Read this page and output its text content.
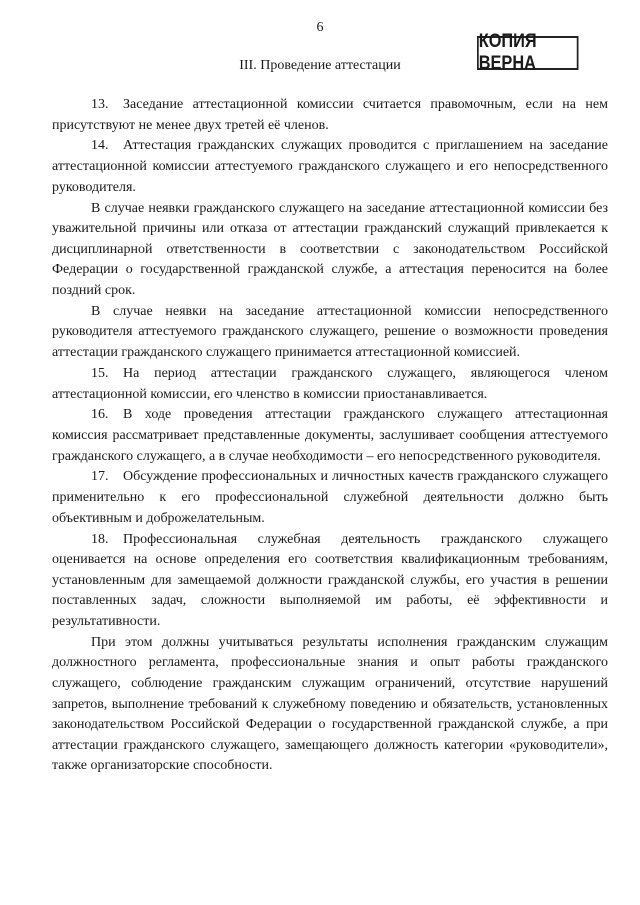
6
КОПИЯ ВЕРНА
III. Проведение аттестации

13. Заседание аттестационной комиссии считается правомочным, если на нем присутствуют не менее двух третей её членов.

14. Аттестация гражданских служащих проводится с приглашением на заседание аттестационной комиссии аттестуемого гражданского служащего и его непосредственного руководителя.

В случае неявки гражданского служащего на заседание аттестационной комиссии без уважительной причины или отказа от аттестации гражданский служащий привлекается к дисциплинарной ответственности в соответствии с законодательством Российской Федерации о государственной гражданской службе, а аттестация переносится на более поздний срок.

В случае неявки на заседание аттестационной комиссии непосредственного руководителя аттестуемого гражданского служащего, решение о возможности проведения аттестации гражданского служащего принимается аттестационной комиссией.

15. На период аттестации гражданского служащего, являющегося членом аттестационной комиссии, его членство в комиссии приостанавливается.

16. В ходе проведения аттестации гражданского служащего аттестационная комиссия рассматривает представленные документы, заслушивает сообщения аттестуемого гражданского служащего, а в случае необходимости – его непосредственного руководителя.

17. Обсуждение профессиональных и личностных качеств гражданского служащего применительно к его профессиональной служебной деятельности должно быть объективным и доброжелательным.

18. Профессиональная служебная деятельность гражданского служащего оценивается на основе определения его соответствия квалификационным требованиям, установленным для замещаемой должности гражданской службы, его участия в решении поставленных задач, сложности выполняемой им работы, её эффективности и результативности.

При этом должны учитываться результаты исполнения гражданским служащим должностного регламента, профессиональные знания и опыт работы гражданского служащего, соблюдение гражданским служащим ограничений, отсутствие нарушений запретов, выполнение требований к служебному поведению и обязательств, установленных законодательством Российской Федерации о государственной гражданской службе, а при аттестации гражданского служащего, замещающего должность категории «руководители», также организаторские способности.
